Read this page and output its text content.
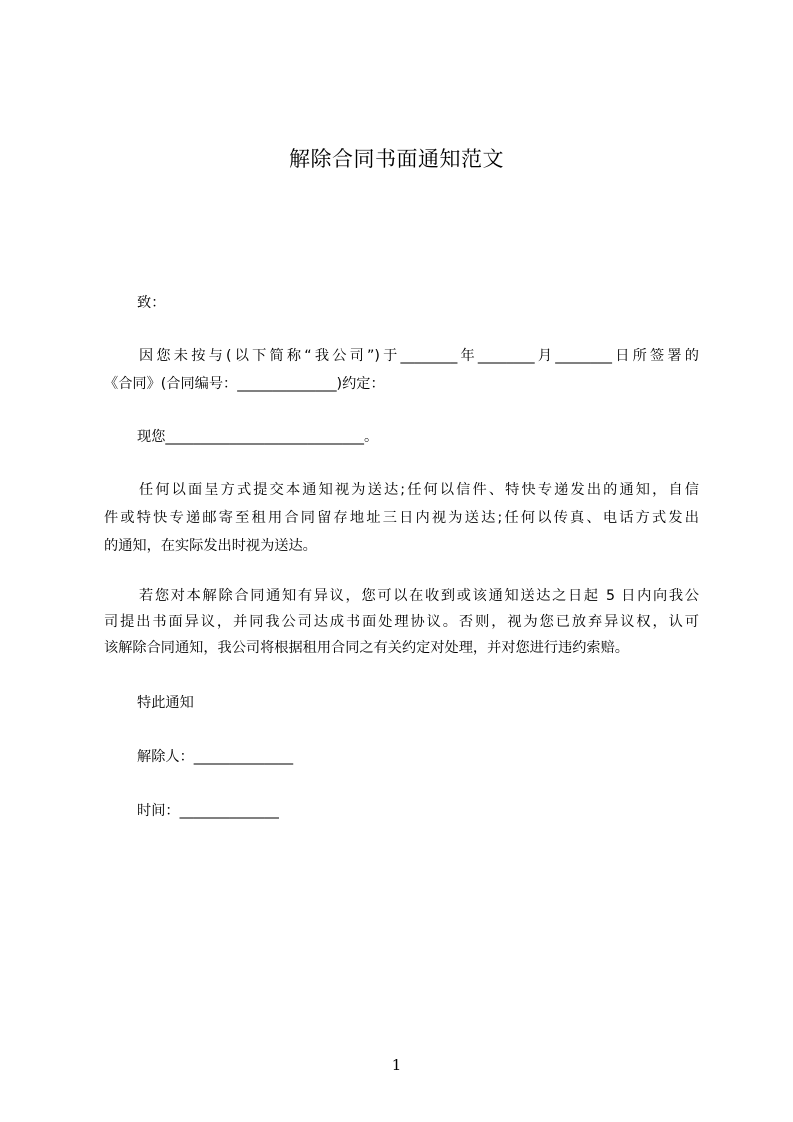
解除合同书面通知范文
致：
因您未按与(以下简称“我公司”)于________年________月________日所签署的
《合同》(合同编号：______________)约定：
现您____________________________。
任何以面呈方式提交本通知视为送达;任何以信件、特快专递发出的通知，自信
件或特快专递邮寄至租用合同留存地址三日内视为送达;任何以传真、电话方式发出
的通知，在实际发出时视为送达。
若您对本解除合同通知有异议，您可以在收到或该通知送达之日起 5 日内向我公
司提出书面异议，并同我公司达成书面处理协议。否则，视为您已放弃异议权，认可
该解除合同通知，我公司将根据租用合同之有关约定对处理，并对您进行违约索赔。
特此通知
解除人：______________
时间：______________
1
